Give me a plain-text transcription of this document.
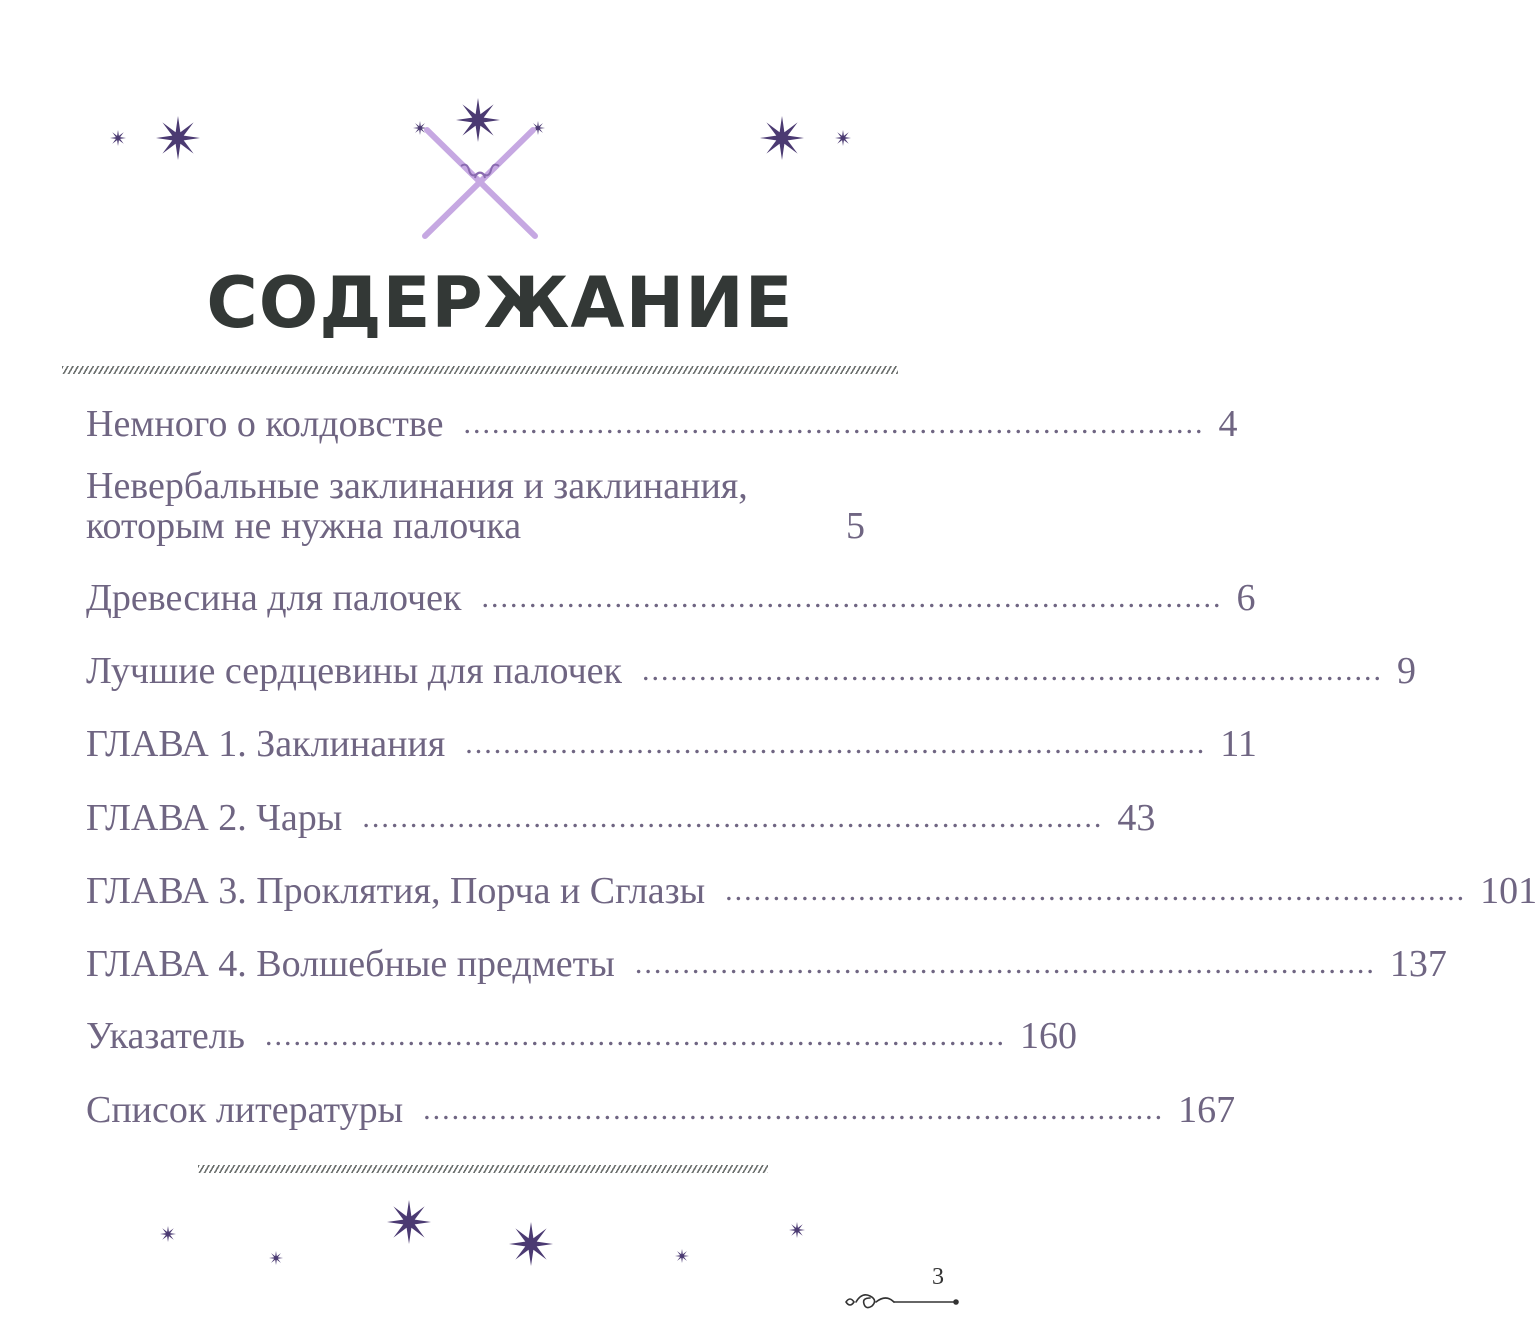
СОДЕРЖАНИЕ
Немного о колдовстве .............................................................................. 4
Невербальные заклинания и заклинания, которым не нужна палочка	5
Древесина для палочек .............................................................................. 6
Лучшие сердцевины для палочек .............................................................................. 9
ГЛАВА 1. Заклинания .............................................................................. 11
ГЛАВА 2. Чары .............................................................................. 43
ГЛАВА 3. Проклятия, Порча и Сглазы .............................................................................. 101
ГЛАВА 4. Волшебные предметы .............................................................................. 137
Указатель .............................................................................. 160
Список литературы .............................................................................. 167
3
